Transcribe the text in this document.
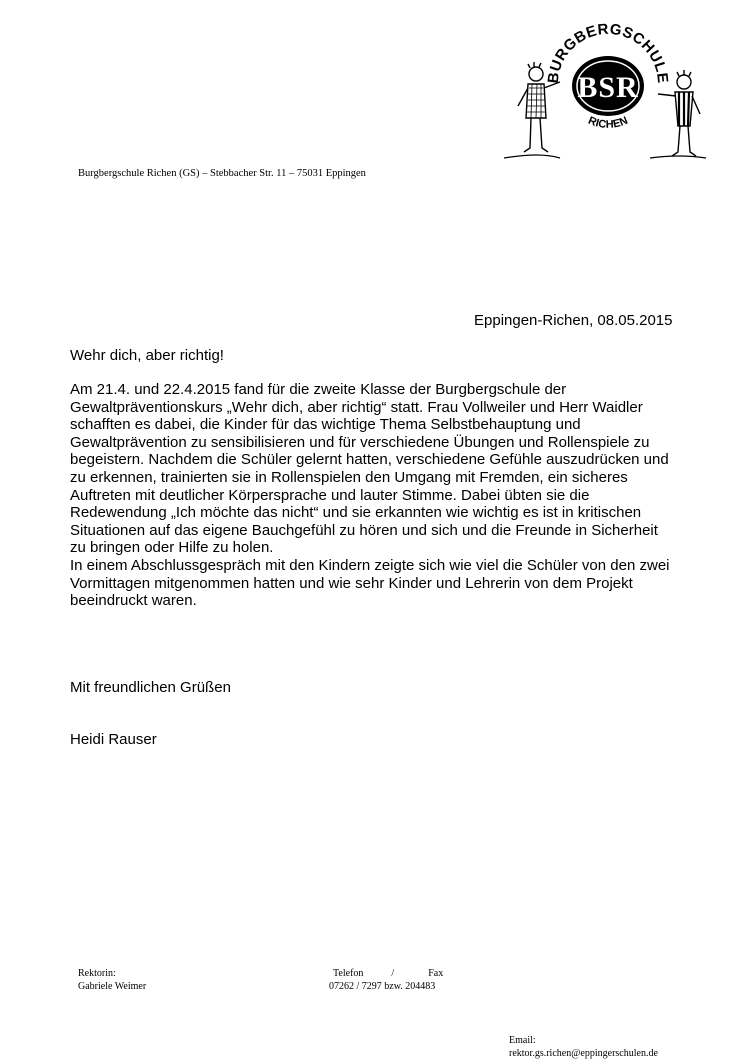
BURGBERGSCHULE
RICHEN
BSR
Burgbergschule Richen (GS) – Stebbacher Str. 11 – 75031 Eppingen
Eppingen-Richen, 08.05.2015
Wehr dich, aber richtig!
Am 21.4. und 22.4.2015 fand für die zweite Klasse der Burgbergschule der
Gewaltpräventionskurs „Wehr dich, aber richtig“ statt. Frau Vollweiler und Herr Waidler
schafften es dabei, die Kinder für das wichtige Thema Selbstbehauptung und
Gewaltprävention zu sensibilisieren und für verschiedene Übungen und Rollenspiele zu
begeistern. Nachdem die Schüler gelernt hatten, verschiedene Gefühle auszudrücken und
zu erkennen, trainierten sie in Rollenspielen den Umgang mit Fremden, ein sicheres
Auftreten mit deutlicher Körpersprache und lauter Stimme. Dabei übten sie die
Redewendung „Ich möchte das nicht“ und sie erkannten wie wichtig es ist in kritischen
Situationen auf das eigene Bauchgefühl zu hören und sich und die Freunde in Sicherheit
zu bringen oder Hilfe zu holen.
In einem Abschlussgespräch mit den Kindern zeigte sich wie viel die Schüler von den zwei
Vormittagen mitgenommen hatten und wie sehr Kinder und Lehrerin von dem Projekt
beeindruckt waren.
Mit freundlichen Grüßen
Heidi Rauser
Rektorin:
Gabriele Weimer
Telefon	/	Fax
07262 / 7297 bzw. 204483
Email:
rektor.gs.richen@eppingerschulen.de
